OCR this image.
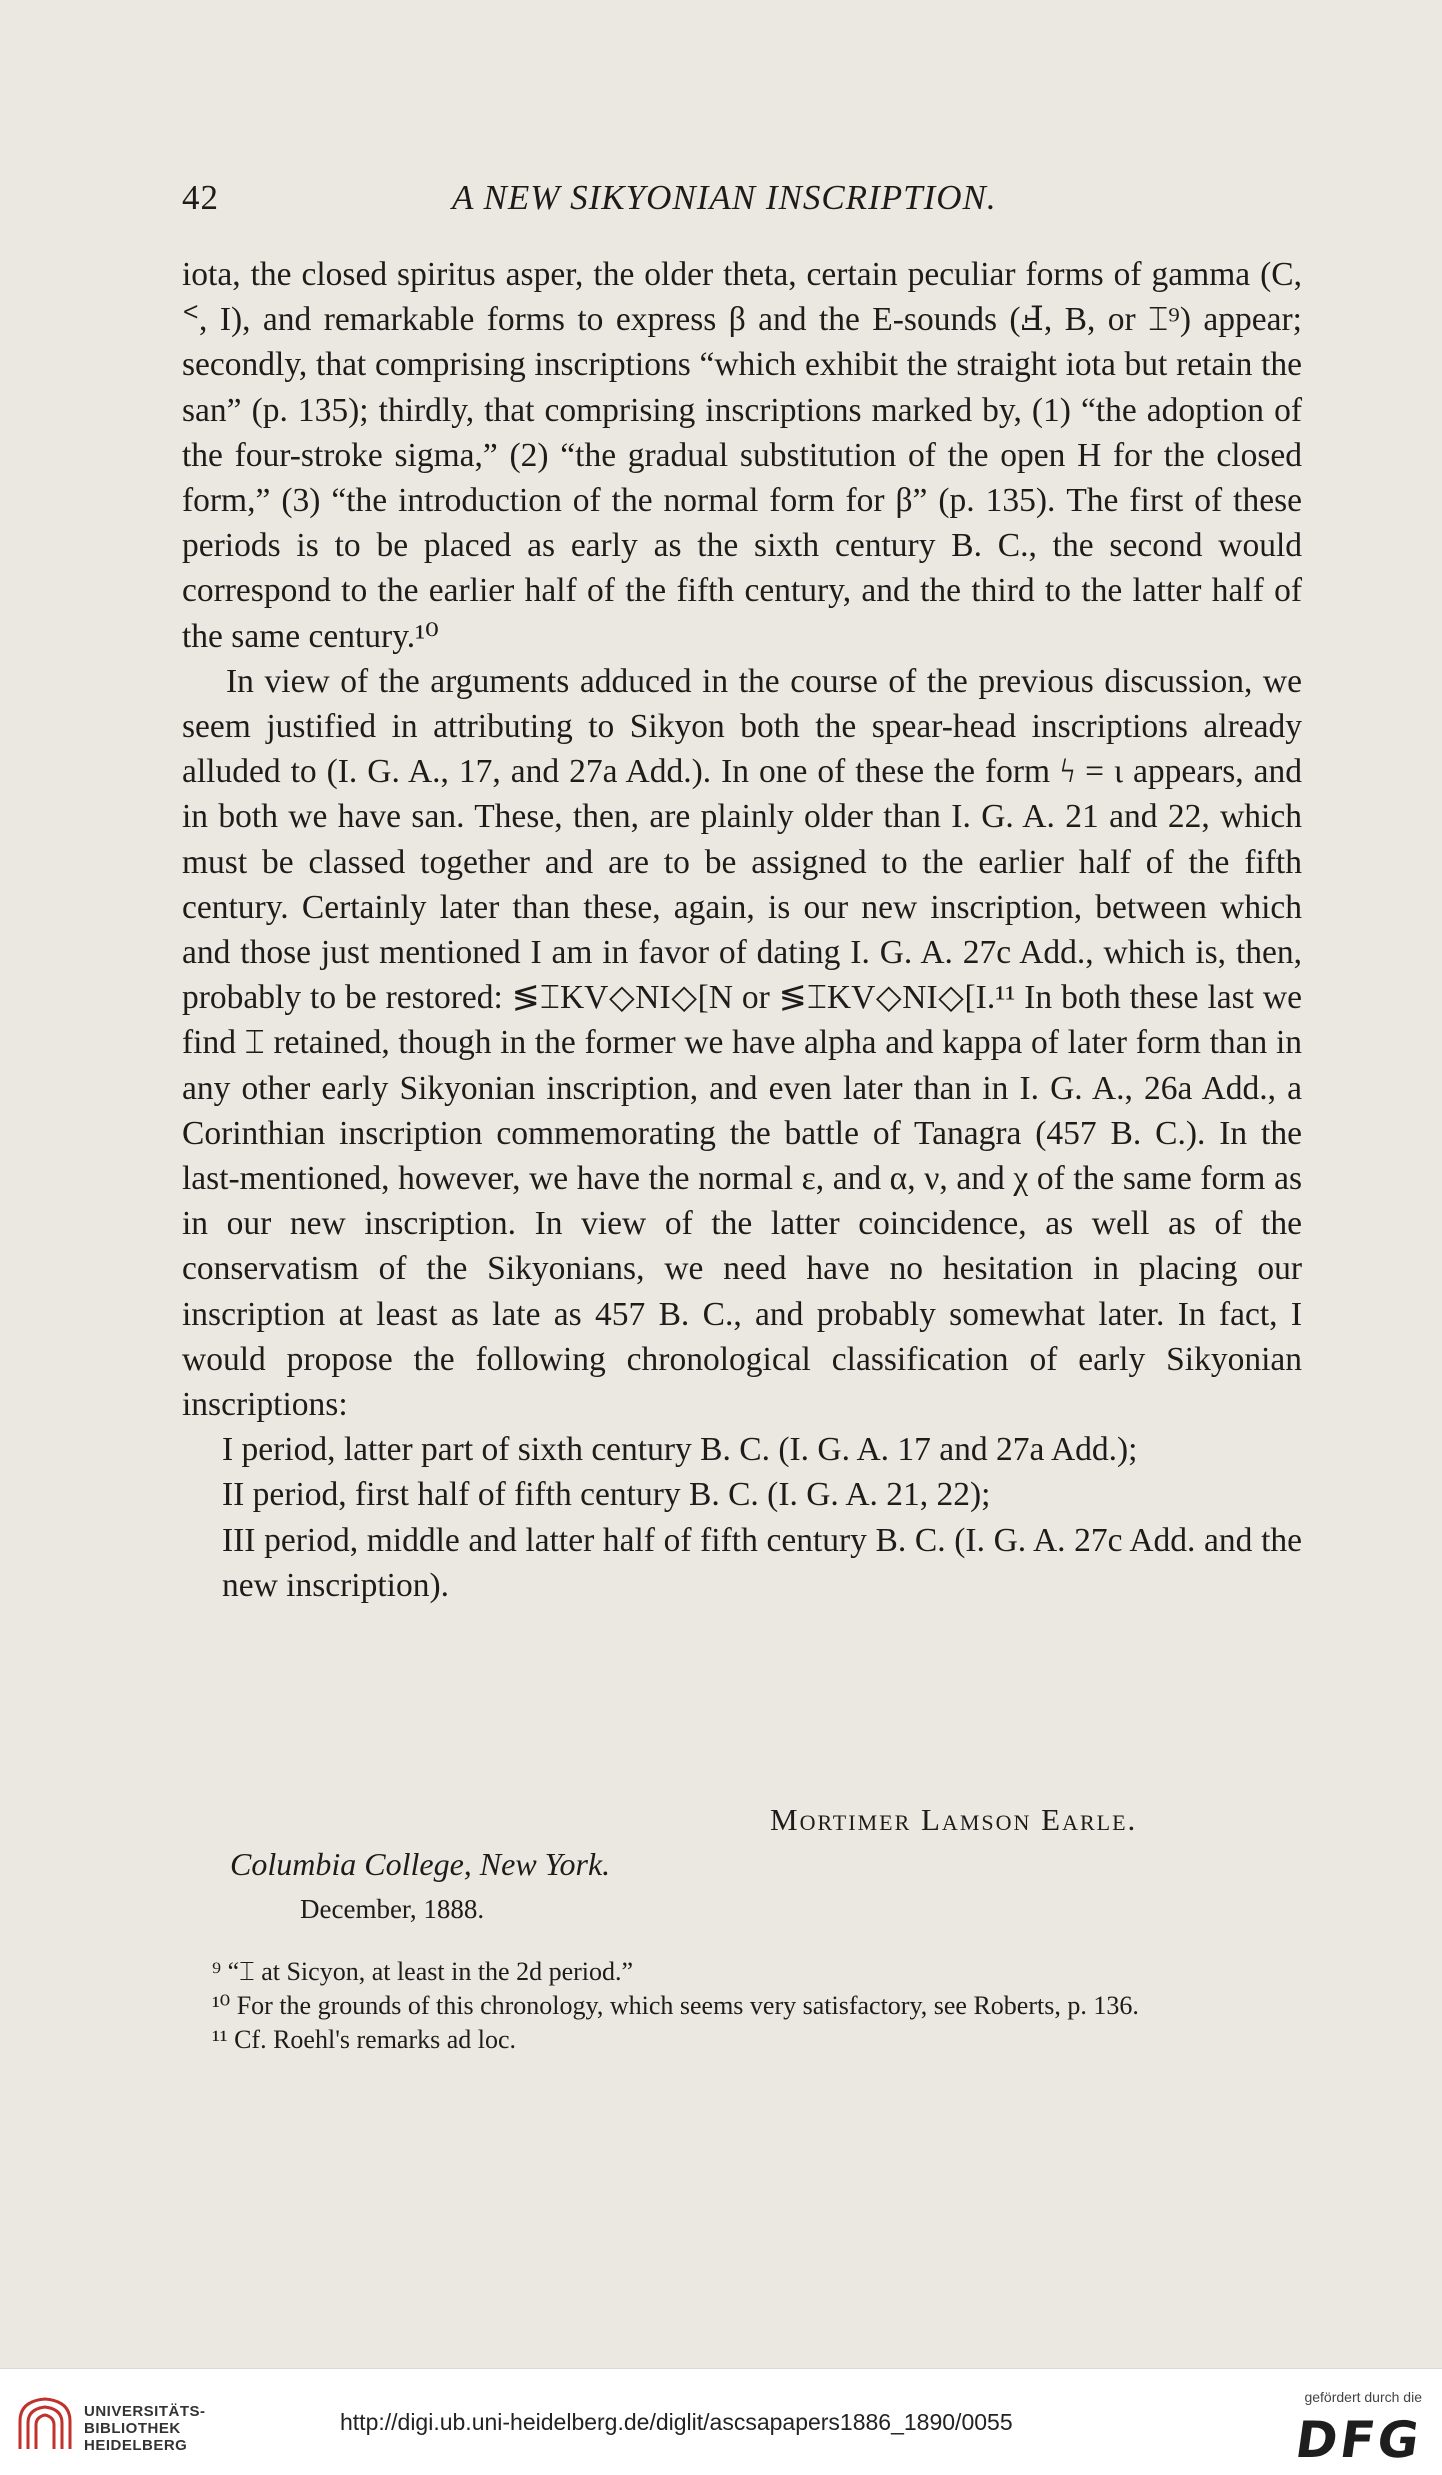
42	A NEW SIKYONIAN INSCRIPTION.

iota, the closed spiritus asper, the older theta, certain peculiar forms of gamma (C, ᑉ, I), and remarkable forms to express β and the E-sounds (Ⅎ, B, or ⌶⁹) appear; secondly, that comprising inscriptions “which exhibit the straight iota but retain the san” (p. 135); thirdly, that comprising inscriptions marked by, (1) “the adoption of the four-stroke sigma,” (2) “the gradual substitution of the open H for the closed form,” (3) “the introduction of the normal form for β” (p. 135). The first of these periods is to be placed as early as the sixth century B. C., the second would correspond to the earlier half of the fifth century, and the third to the latter half of the same century.¹⁰

In view of the arguments adduced in the course of the previous discussion, we seem justified in attributing to Sikyon both the spear-head inscriptions already alluded to (I. G. A., 17, and 27a Add.). In one of these the form ϟ = ι appears, and in both we have san. These, then, are plainly older than I. G. A. 21 and 22, which must be classed together and are to be assigned to the earlier half of the fifth century. Certainly later than these, again, is our new inscription, between which and those just mentioned I am in favor of dating I. G. A. 27c Add., which is, then, probably to be restored: ≶⌶KV◇NI◇[N or ≶⌶KV◇NI◇[I.¹¹ In both these last we find ⌶ retained, though in the former we have alpha and kappa of later form than in any other early Sikyonian inscription, and even later than in I. G. A., 26a Add., a Corinthian inscription commemorating the battle of Tanagra (457 B. C.). In the last-mentioned, however, we have the normal ε, and α, ν, and χ of the same form as in our new inscription. In view of the latter coincidence, as well as of the conservatism of the Sikyonians, we need have no hesitation in placing our inscription at least as late as 457 B. C., and probably somewhat later. In fact, I would propose the following chronological classification of early Sikyonian inscriptions:

I period, latter part of sixth century B. C. (I. G. A. 17 and 27a Add.);

II period, first half of fifth century B. C. (I. G. A. 21, 22);

III period, middle and latter half of fifth century B. C. (I. G. A. 27c Add. and the new inscription).

Mortimer Lamson Earle.
Columbia College, New York.
December, 1888.

⁹ “⌶ at Sicyon, at least in the 2d period.”

¹⁰ For the grounds of this chronology, which seems very satisfactory, see Roberts, p. 136.

¹¹ Cf. Roehl's remarks ad loc.

UNIVERSITÄTS-
BIBLIOTHEK
HEIDELBERG
http://digi.ub.uni-heidelberg.de/diglit/ascsapapers1886_1890/0055
gefördert durch die
DFG
